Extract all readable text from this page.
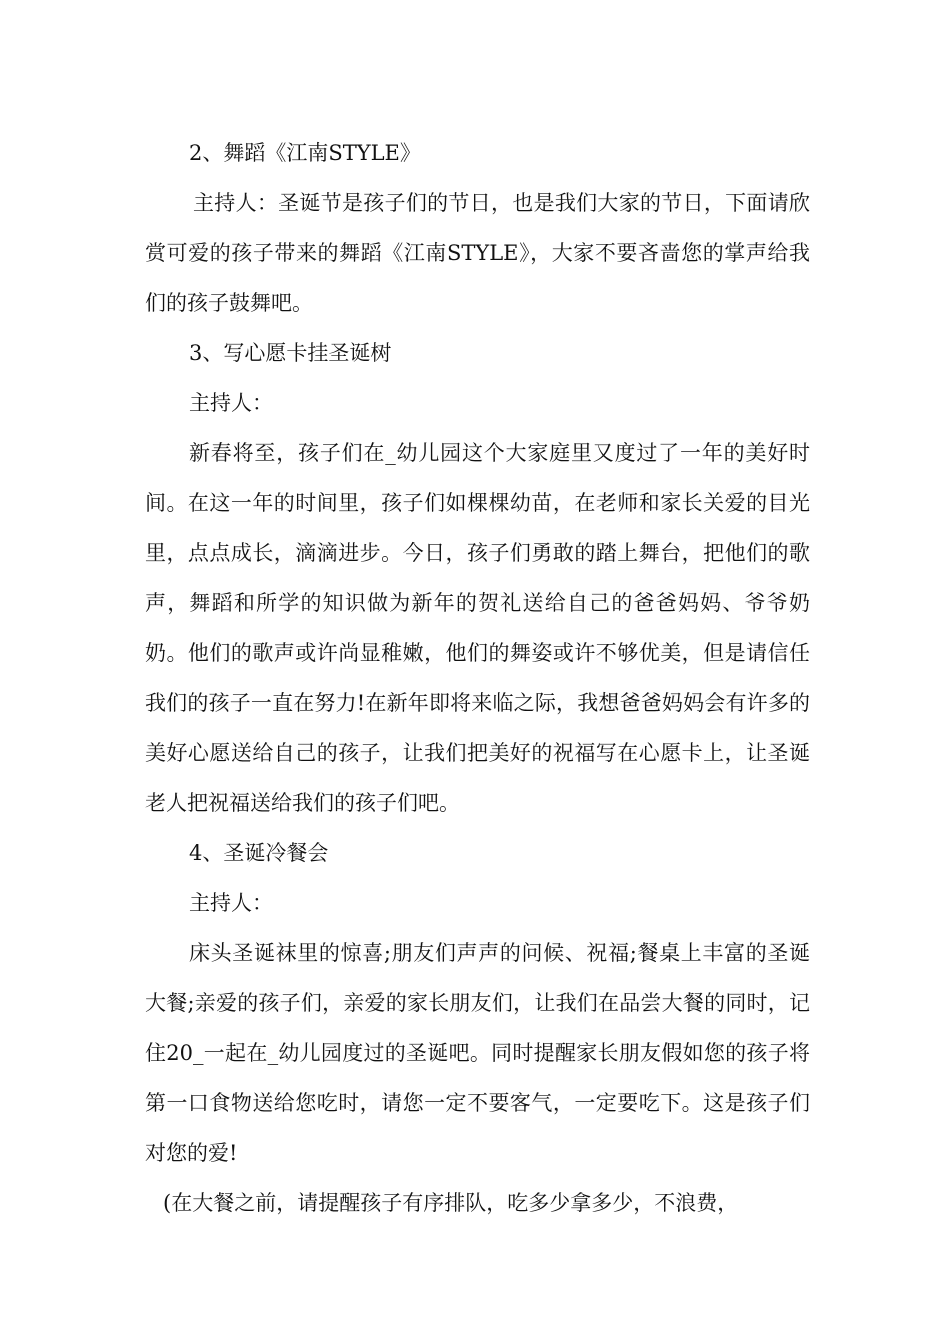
2、舞蹈《江南STYLE》

主持人：圣诞节是孩子们的节日，也是我们大家的节日，下面请欣赏可爱的孩子带来的舞蹈《江南STYLE》，大家不要吝啬您的掌声给我们的孩子鼓舞吧。

3、写心愿卡挂圣诞树

主持人：

新春将至，孩子们在_幼儿园这个大家庭里又度过了一年的美好时间。在这一年的时间里，孩子们如棵棵幼苗，在老师和家长关爱的目光里，点点成长，滴滴进步。今日，孩子们勇敢的踏上舞台，把他们的歌声，舞蹈和所学的知识做为新年的贺礼送给自己的爸爸妈妈、爷爷奶奶。他们的歌声或许尚显稚嫩，他们的舞姿或许不够优美，但是请信任我们的孩子一直在努力!在新年即将来临之际，我想爸爸妈妈会有许多的美好心愿送给自己的孩子，让我们把美好的祝福写在心愿卡上，让圣诞老人把祝福送给我们的孩子们吧。

4、圣诞冷餐会

主持人：

床头圣诞袜里的惊喜;朋友们声声的问候、祝福;餐桌上丰富的圣诞大餐;亲爱的孩子们，亲爱的家长朋友们，让我们在品尝大餐的同时，记住20_一起在_幼儿园度过的圣诞吧。同时提醒家长朋友假如您的孩子将第一口食物送给您吃时，请您一定不要客气，一定要吃下。这是孩子们对您的爱!

(在大餐之前，请提醒孩子有序排队，吃多少拿多少，不浪费，
